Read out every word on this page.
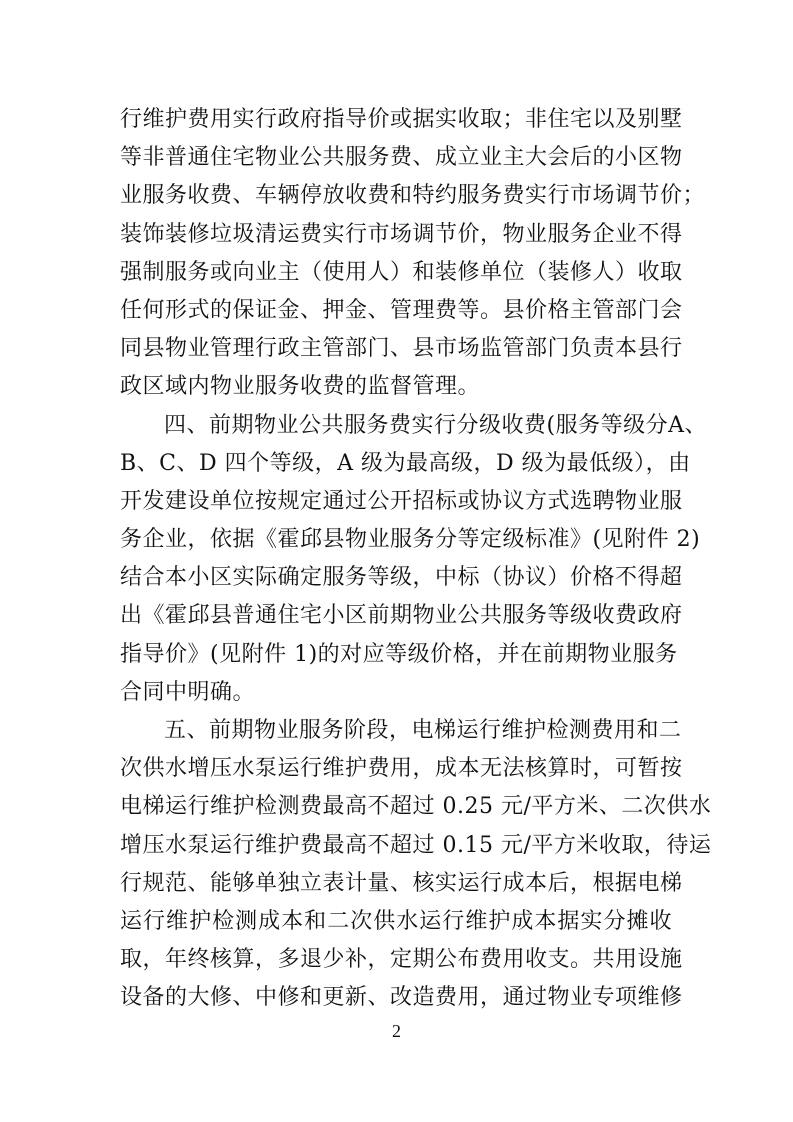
行维护费用实行政府指导价或据实收取；非住宅以及别墅
等非普通住宅物业公共服务费、成立业主大会后的小区物
业服务收费、车辆停放收费和特约服务费实行市场调节价；
装饰装修垃圾清运费实行市场调节价，物业服务企业不得
强制服务或向业主（使用人）和装修单位（装修人）收取
任何形式的保证金、押金、管理费等。县价格主管部门会
同县物业管理行政主管部门、县市场监管部门负责本县行
政区域内物业服务收费的监督管理。
四、前期物业公共服务费实行分级收费(服务等级分A、
B、C、D 四个等级，A 级为最高级，D 级为最低级），由
开发建设单位按规定通过公开招标或协议方式选聘物业服
务企业，依据《霍邱县物业服务分等定级标准》(见附件 2)
结合本小区实际确定服务等级，中标（协议）价格不得超
出《霍邱县普通住宅小区前期物业公共服务等级收费政府
指导价》(见附件 1)的对应等级价格，并在前期物业服务
合同中明确。
五、前期物业服务阶段，电梯运行维护检测费用和二
次供水增压水泵运行维护费用，成本无法核算时，可暂按
电梯运行维护检测费最高不超过 0.25 元/平方米、二次供水
增压水泵运行维护费最高不超过 0.15 元/平方米收取，待运
行规范、能够单独立表计量、核实运行成本后，根据电梯
运行维护检测成本和二次供水运行维护成本据实分摊收
取，年终核算，多退少补，定期公布费用收支。共用设施
设备的大修、中修和更新、改造费用，通过物业专项维修
2
